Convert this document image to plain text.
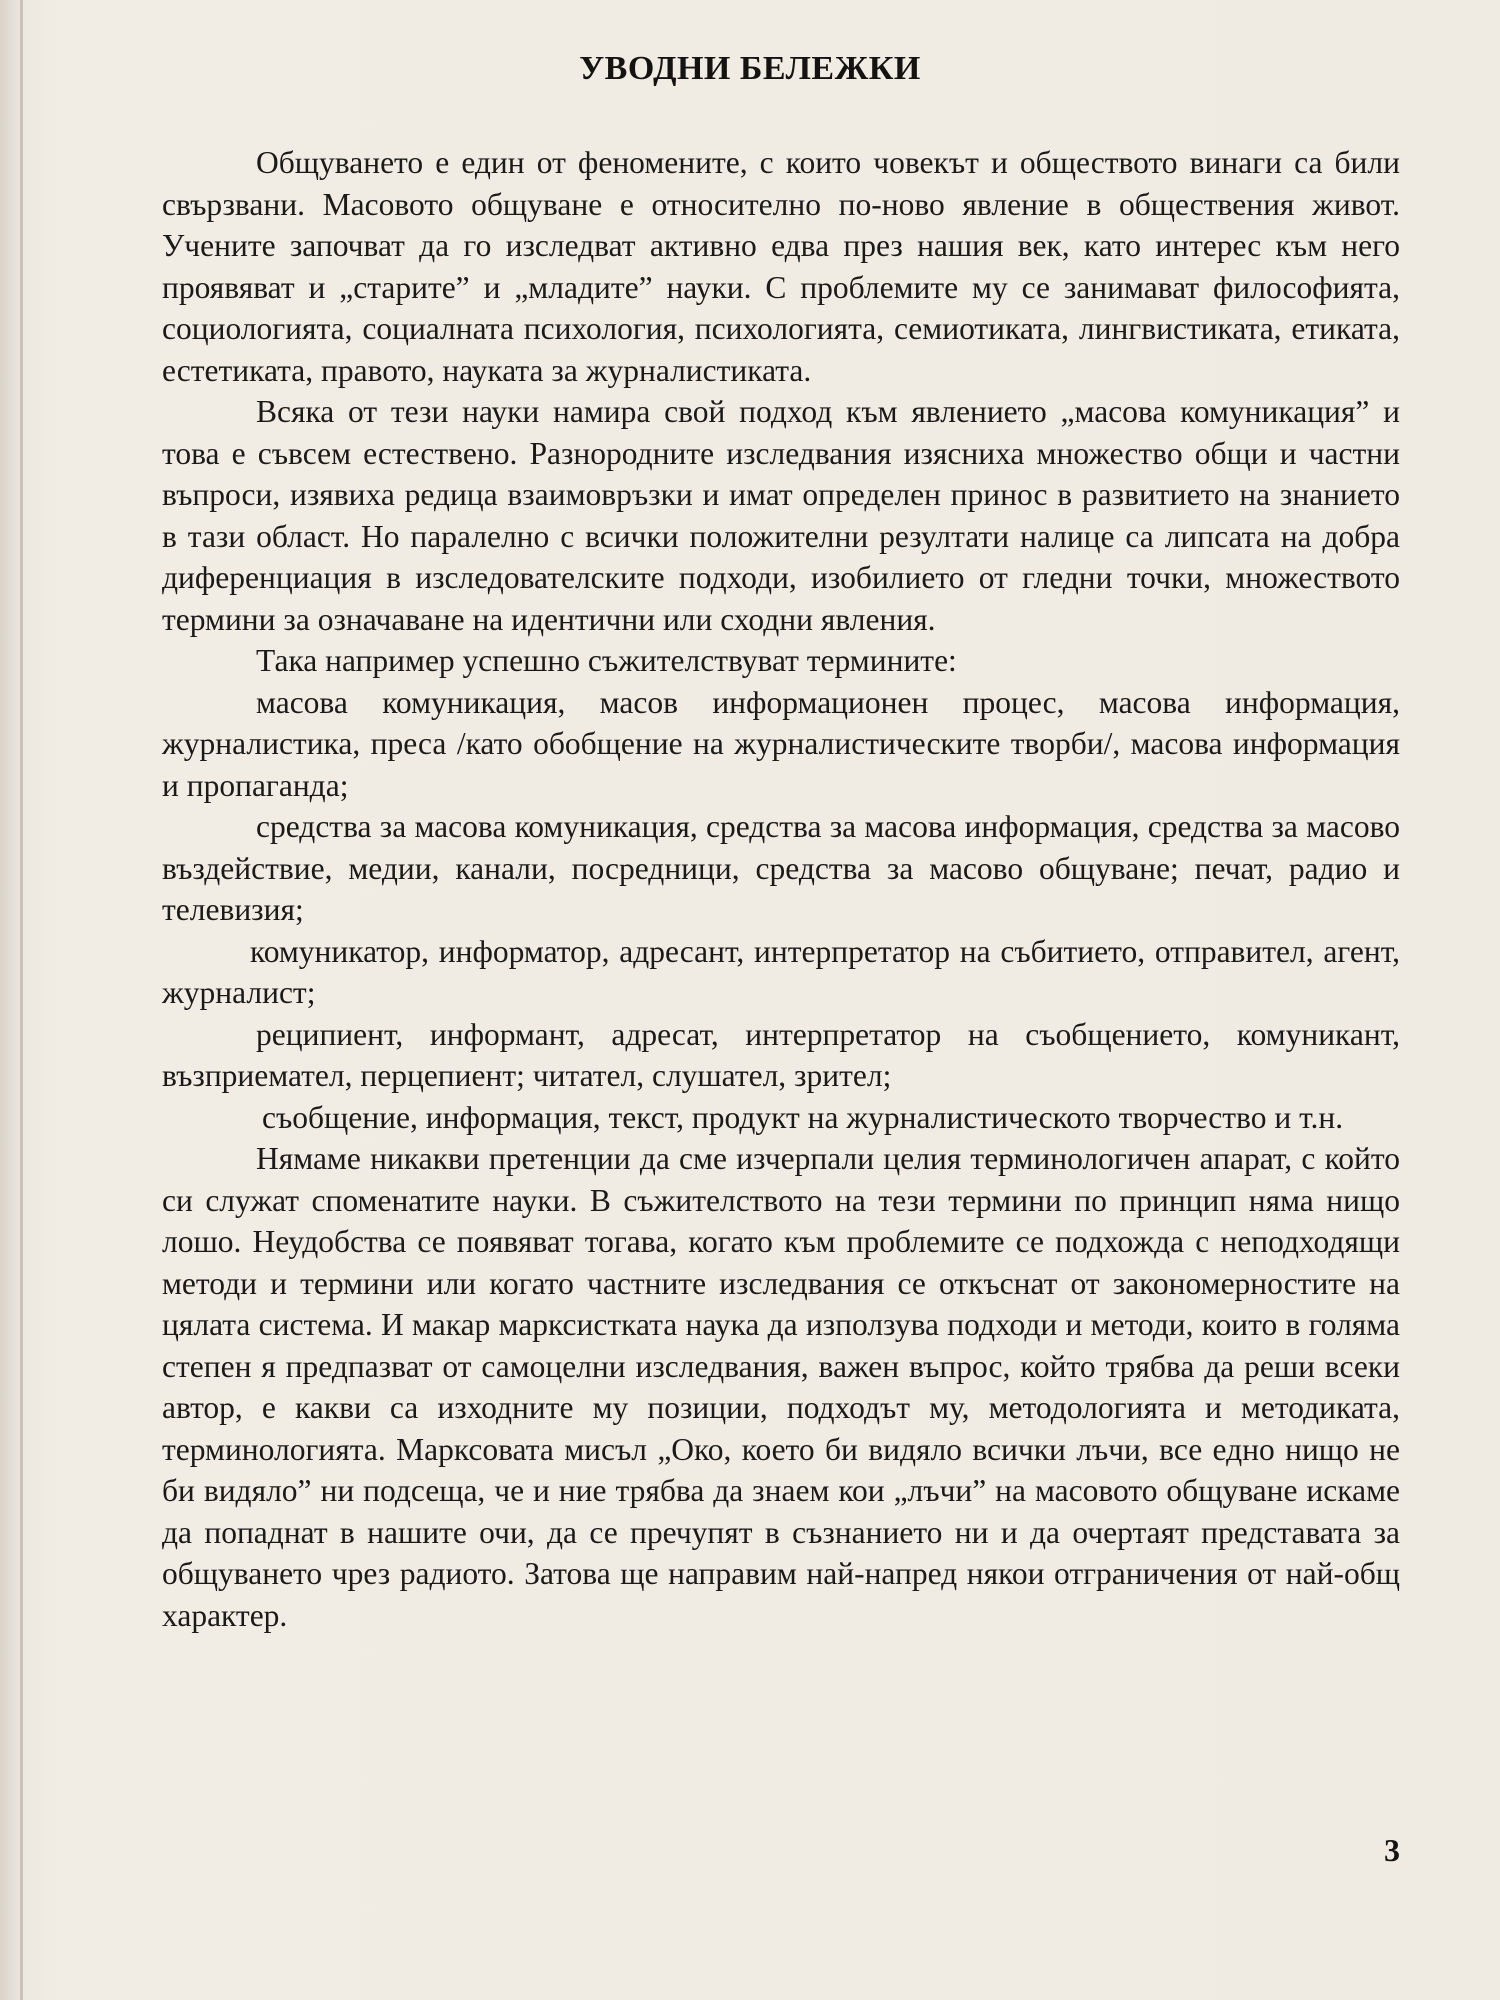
УВОДНИ БЕЛЕЖКИ

Общуването е един от феномените, с които човекът и обществото винаги са били свързвани. Масовото общуване е относително по-ново явление в обществения живот. Учените започват да го изследват активно едва през нашия век, като интерес към него проявяват и „старите” и „младите” науки. С проблемите му се занимават философията, социологията, социалната психология, психологията, семиотиката, лингвистиката, етиката, естетиката, правото, науката за журналистиката.

Всяка от тези науки намира свой подход към явлението „масова комуникация” и това е съвсем естествено. Разнородните изследвания изясниха множество общи и частни въпроси, изявиха редица взаимовръзки и имат определен принос в развитието на знанието в тази област. Но паралелно с всички положителни резултати налице са липсата на добра диференциация в изследователските подходи, изобилието от гледни точки, множеството термини за означаване на идентични или сходни явления.

Така например успешно съжителствуват термините:

масова комуникация, масов информационен процес, масова информация, журналистика, преса /като обобщение на журналистическите творби/, масова информация и пропаганда;

средства за масова комуникация, средства за масова информация, средства за масово въздействие, медии, канали, посредници, средства за масово общуване; печат, радио и телевизия;

комуникатор, информатор, адресант, интерпретатор на събитието, отправител, агент, журналист;

реципиент, информант, адресат, интерпретатор на съобщението, комуникант, възприемател, перцепиент; читател, слушател, зрител;

съобщение, информация, текст, продукт на журналистическото творчество и т.н.

Нямаме никакви претенции да сме изчерпали целия терминологичен апарат, с който си служат споменатите науки. В съжителството на тези термини по принцип няма нищо лошо. Неудобства се появяват тогава, когато към проблемите се подхожда с неподходящи методи и термини или когато частните изследвания се откъснат от закономерностите на цялата система. И макар марксистката наука да използува подходи и методи, които в голяма степен я предпазват от самоцелни изследвания, важен въпрос, който трябва да реши всеки автор, е какви са изходните му позиции, подходът му, методологията и методиката, терминологията. Марксовата мисъл „Око, което би видяло всички лъчи, все едно нищо не би видяло” ни подсеща, че и ние трябва да знаем кои „лъчи” на масовото общуване искаме да попаднат в нашите очи, да се пречупят в съзнанието ни и да очертаят представата за общуването чрез радиото. Затова ще направим най-напред някои отграничения от най-общ характер.

3
